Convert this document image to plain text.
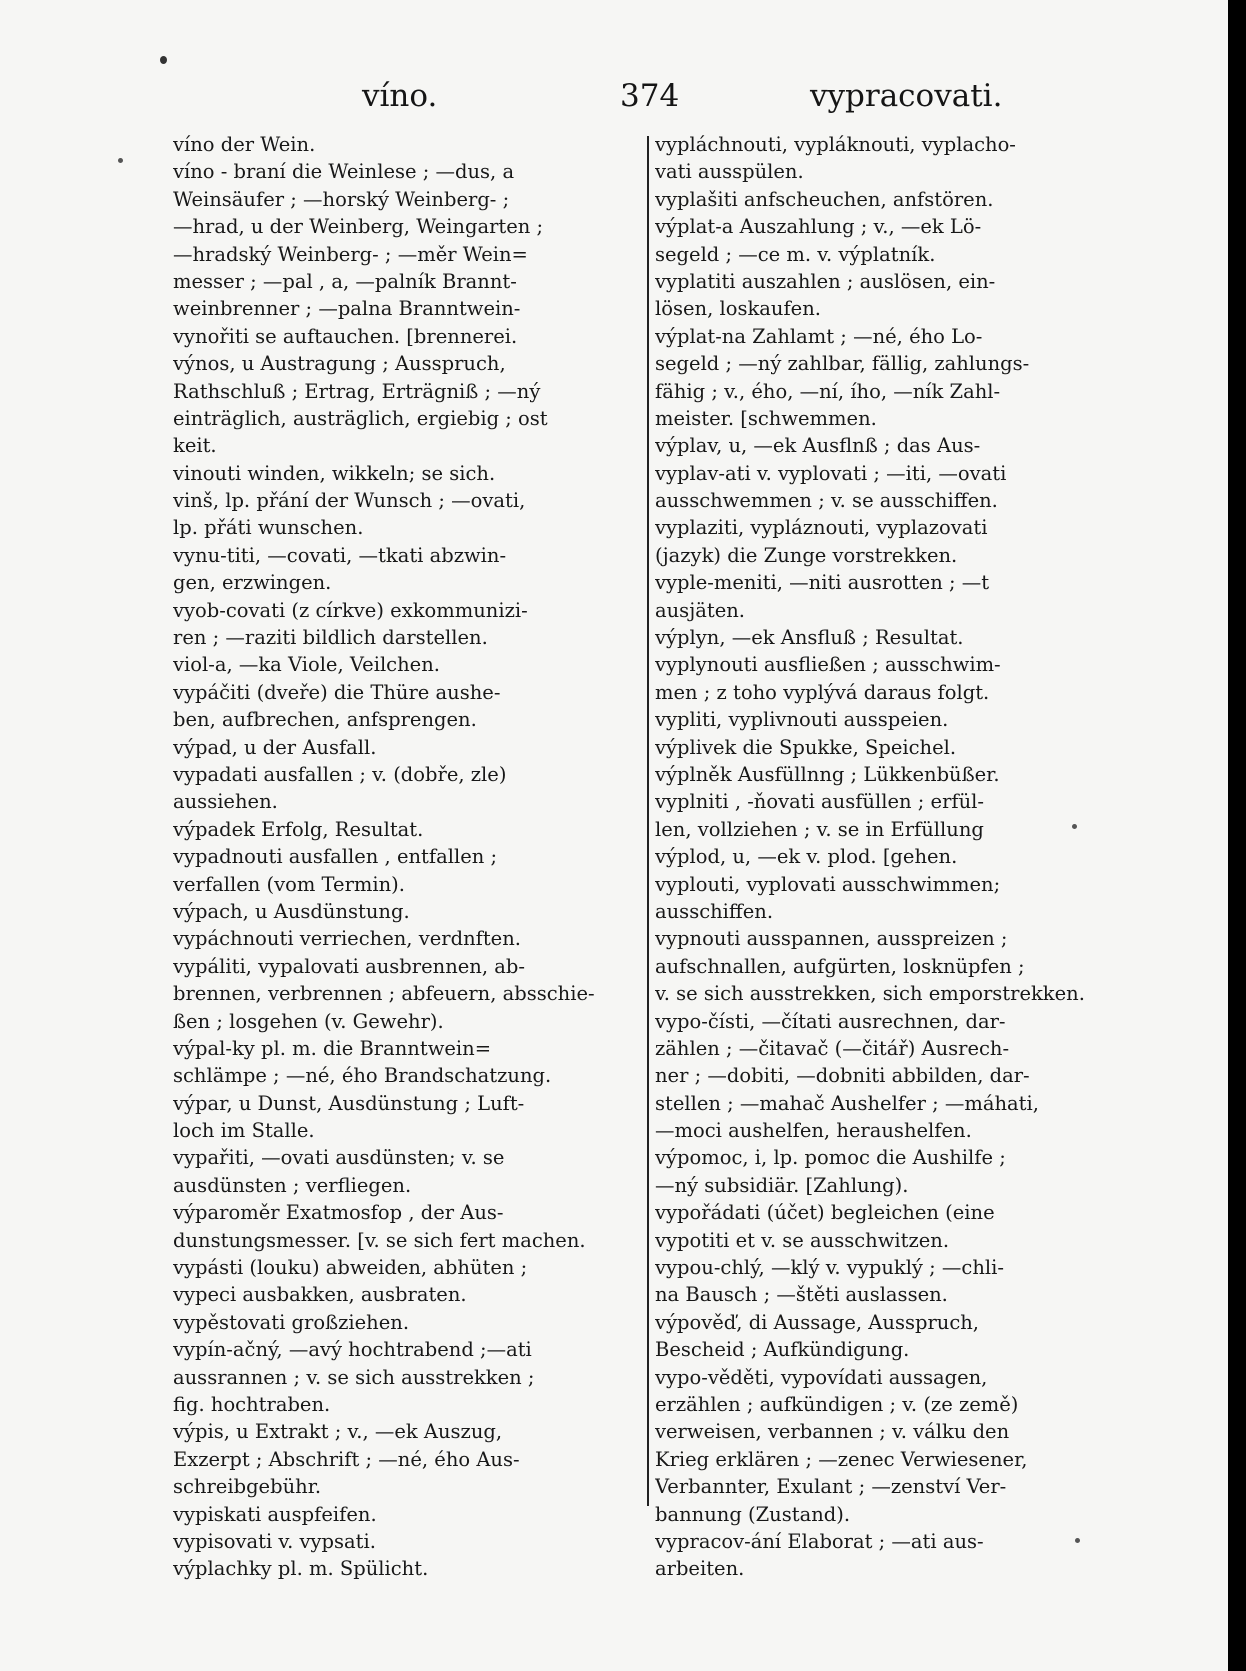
víno.	374	vypracovati.
víno der Wein.
víno - braní die Weinlese ; —dus, a
Weinsäufer ; —horský Weinberg- ;
—hrad, u der Weinberg, Weingarten ;
—hradský Weinberg- ; —měr Wein=
messer ; —pal , a, —palník Brannt-
weinbrenner ; —palna Branntwein-
vynořiti se auftauchen. [brennerei.
výnos, u Austragung ; Ausspruch,
Rathschluß ; Ertrag, Erträgniß ; —ný
einträglich, austräglich, ergiebig ; ost
keit.
vinouti winden, wikkeln; se sich.
vinš, lp. přání der Wunsch ; —ovati,
lp. přáti wunschen.
vynu-titi, —covati, —tkati abzwin-
gen, erzwingen.
vyob-covati (z církve) exkommunizi-
ren ; —raziti bildlich darstellen.
viol-a, —ka Viole, Veilchen.
vypáčiti (dveře) die Thüre aushe-
ben, aufbrechen, anfsprengen.
výpad, u der Ausfall.
vypadati ausfallen ; v. (dobře, zle)
aussiehen.
výpadek Erfolg, Resultat.
vypadnouti ausfallen , entfallen ;
verfallen (vom Termin).
výpach, u Ausdünstung.
vypáchnouti verriechen, verdnften.
vypáliti, vypalovati ausbrennen, ab-
brennen, verbrennen ; abfeuern, absschie-
ßen ; losgehen (v. Gewehr).
výpal-ky pl. m. die Branntwein=
schlämpe ; —né, ého Brandschatzung.
výpar, u Dunst, Ausdünstung ; Luft-
loch im Stalle.
vypařiti, —ovati ausdünsten; v. se
ausdünsten ; verfliegen.
výparoměr Exatmosfop , der Aus-
dunstungsmesser. [v. se sich fert machen.
vypásti (louku) abweiden, abhüten ;
vypeci ausbakken, ausbraten.
vypěstovati großziehen.
vypín-ačný, —avý hochtrabend ;—ati
aussrannen ; v. se sich ausstrekken ;
fig. hochtraben.
výpis, u Extrakt ; v., —ek Auszug,
Exzerpt ; Abschrift ; —né, ého Aus-
schreibgebühr.
vypiskati auspfeifen.
vypisovati v. vypsati.
výplachky pl. m. Spülicht.
vypláchnouti, vypláknouti, vyplacho-
vati ausspülen.
vyplašiti anfscheuchen, anfstören.
výplat-a Auszahlung ; v., —ek Lö-
segeld ; —ce m. v. výplatník.
vyplatiti auszahlen ; auslösen, ein-
lösen, loskaufen.
výplat-na Zahlamt ; —né, ého Lo-
segeld ; —ný zahlbar, fällig, zahlungs-
fähig ; v., ého, —ní, ího, —ník Zahl-
meister. [schwemmen.
výplav, u, —ek Ausflnß ; das Aus-
vyplav-ati v. vyplovati ; —iti, —ovati
ausschwemmen ; v. se ausschiffen.
vyplaziti, vypláznouti, vyplazovati
(jazyk) die Zunge vorstrekken.
vyple-meniti, —niti ausrotten ; —t
ausjäten.
výplyn, —ek Ansfluß ; Resultat.
vyplynouti ausfließen ; ausschwim-
men ; z toho vyplývá daraus folgt.
vypliti, vyplivnouti ausspeien.
výplivek die Spukke, Speichel.
výplněk Ausfüllnng ; Lükkenbüßer.
vyplniti , -ňovati ausfüllen ; erfül-
len, vollziehen ; v. se in Erfüllung
výplod, u, —ek v. plod. [gehen.
vyplouti, vyplovati ausschwimmen;
ausschiffen.
vypnouti ausspannen, ausspreizen ;
aufschnallen, aufgürten, losknüpfen ;
v. se sich ausstrekken, sich emporstrekken.
vypo-čísti, —čítati ausrechnen, dar-
zählen ; —čitavač (—čitář) Ausrech-
ner ; —dobiti, —dobniti abbilden, dar-
stellen ; —mahač Aushelfer ; —máhati,
—moci aushelfen, heraushelfen.
výpomoc, i, lp. pomoc die Aushilfe ;
—ný subsidiär. [Zahlung).
vypořádati (účet) begleichen (eine
vypotiti et v. se ausschwitzen.
vypou-chlý, —klý v. vypuklý ; —chli-
na Bausch ; —štěti auslassen.
výpověď, di Aussage, Ausspruch,
Bescheid ; Aufkündigung.
vypo-věděti, vypovídati aussagen,
erzählen ; aufkündigen ; v. (ze země)
verweisen, verbannen ; v. válku den
Krieg erklären ; —zenec Verwiesener,
Verbannter, Exulant ; —zenství Ver-
bannung (Zustand).
vypracov-ání Elaborat ; —ati aus-
arbeiten.
